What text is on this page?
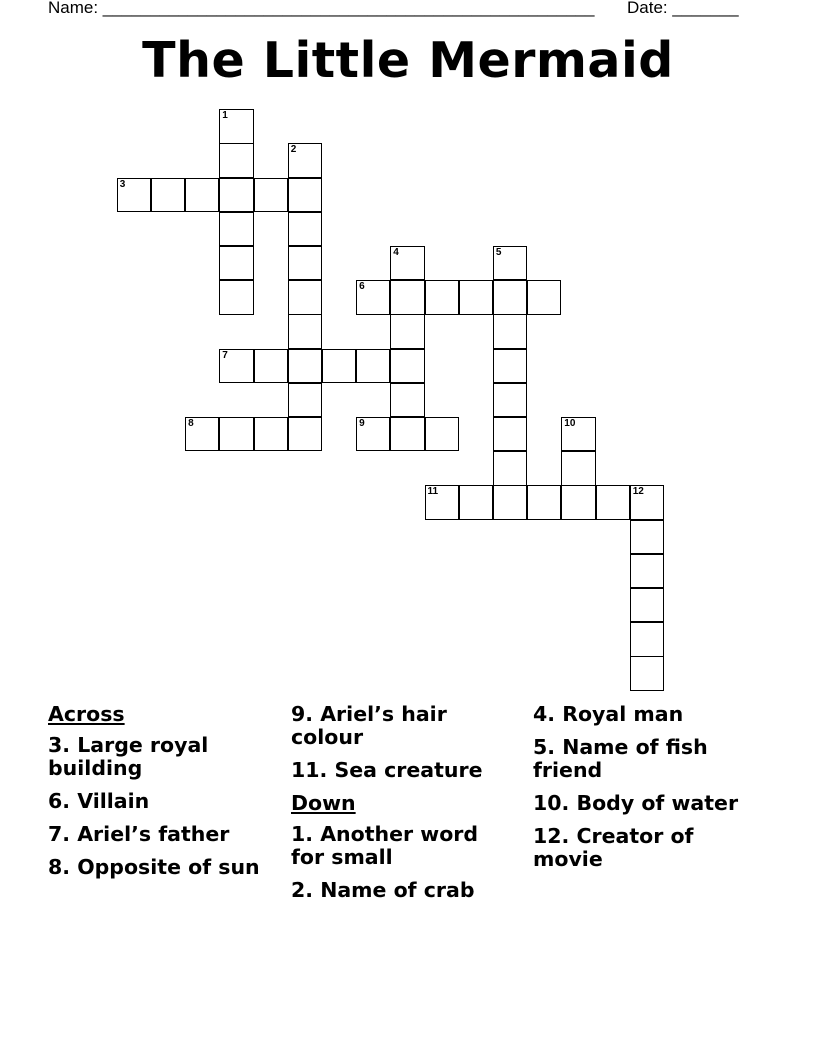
Name: ____________________________________________________ Date: _______
The Little Mermaid
1
2
3
4	5
6
7
8	9	10
11	12
Across
3. Large royal building
6. Villain
7. Ariel’s father
8. Opposite of sun
9. Ariel’s hair colour
11. Sea creature
Down
1. Another word for small
2. Name of crab
4. Royal man
5. Name of fish friend
10. Body of water
12. Creator of movie
